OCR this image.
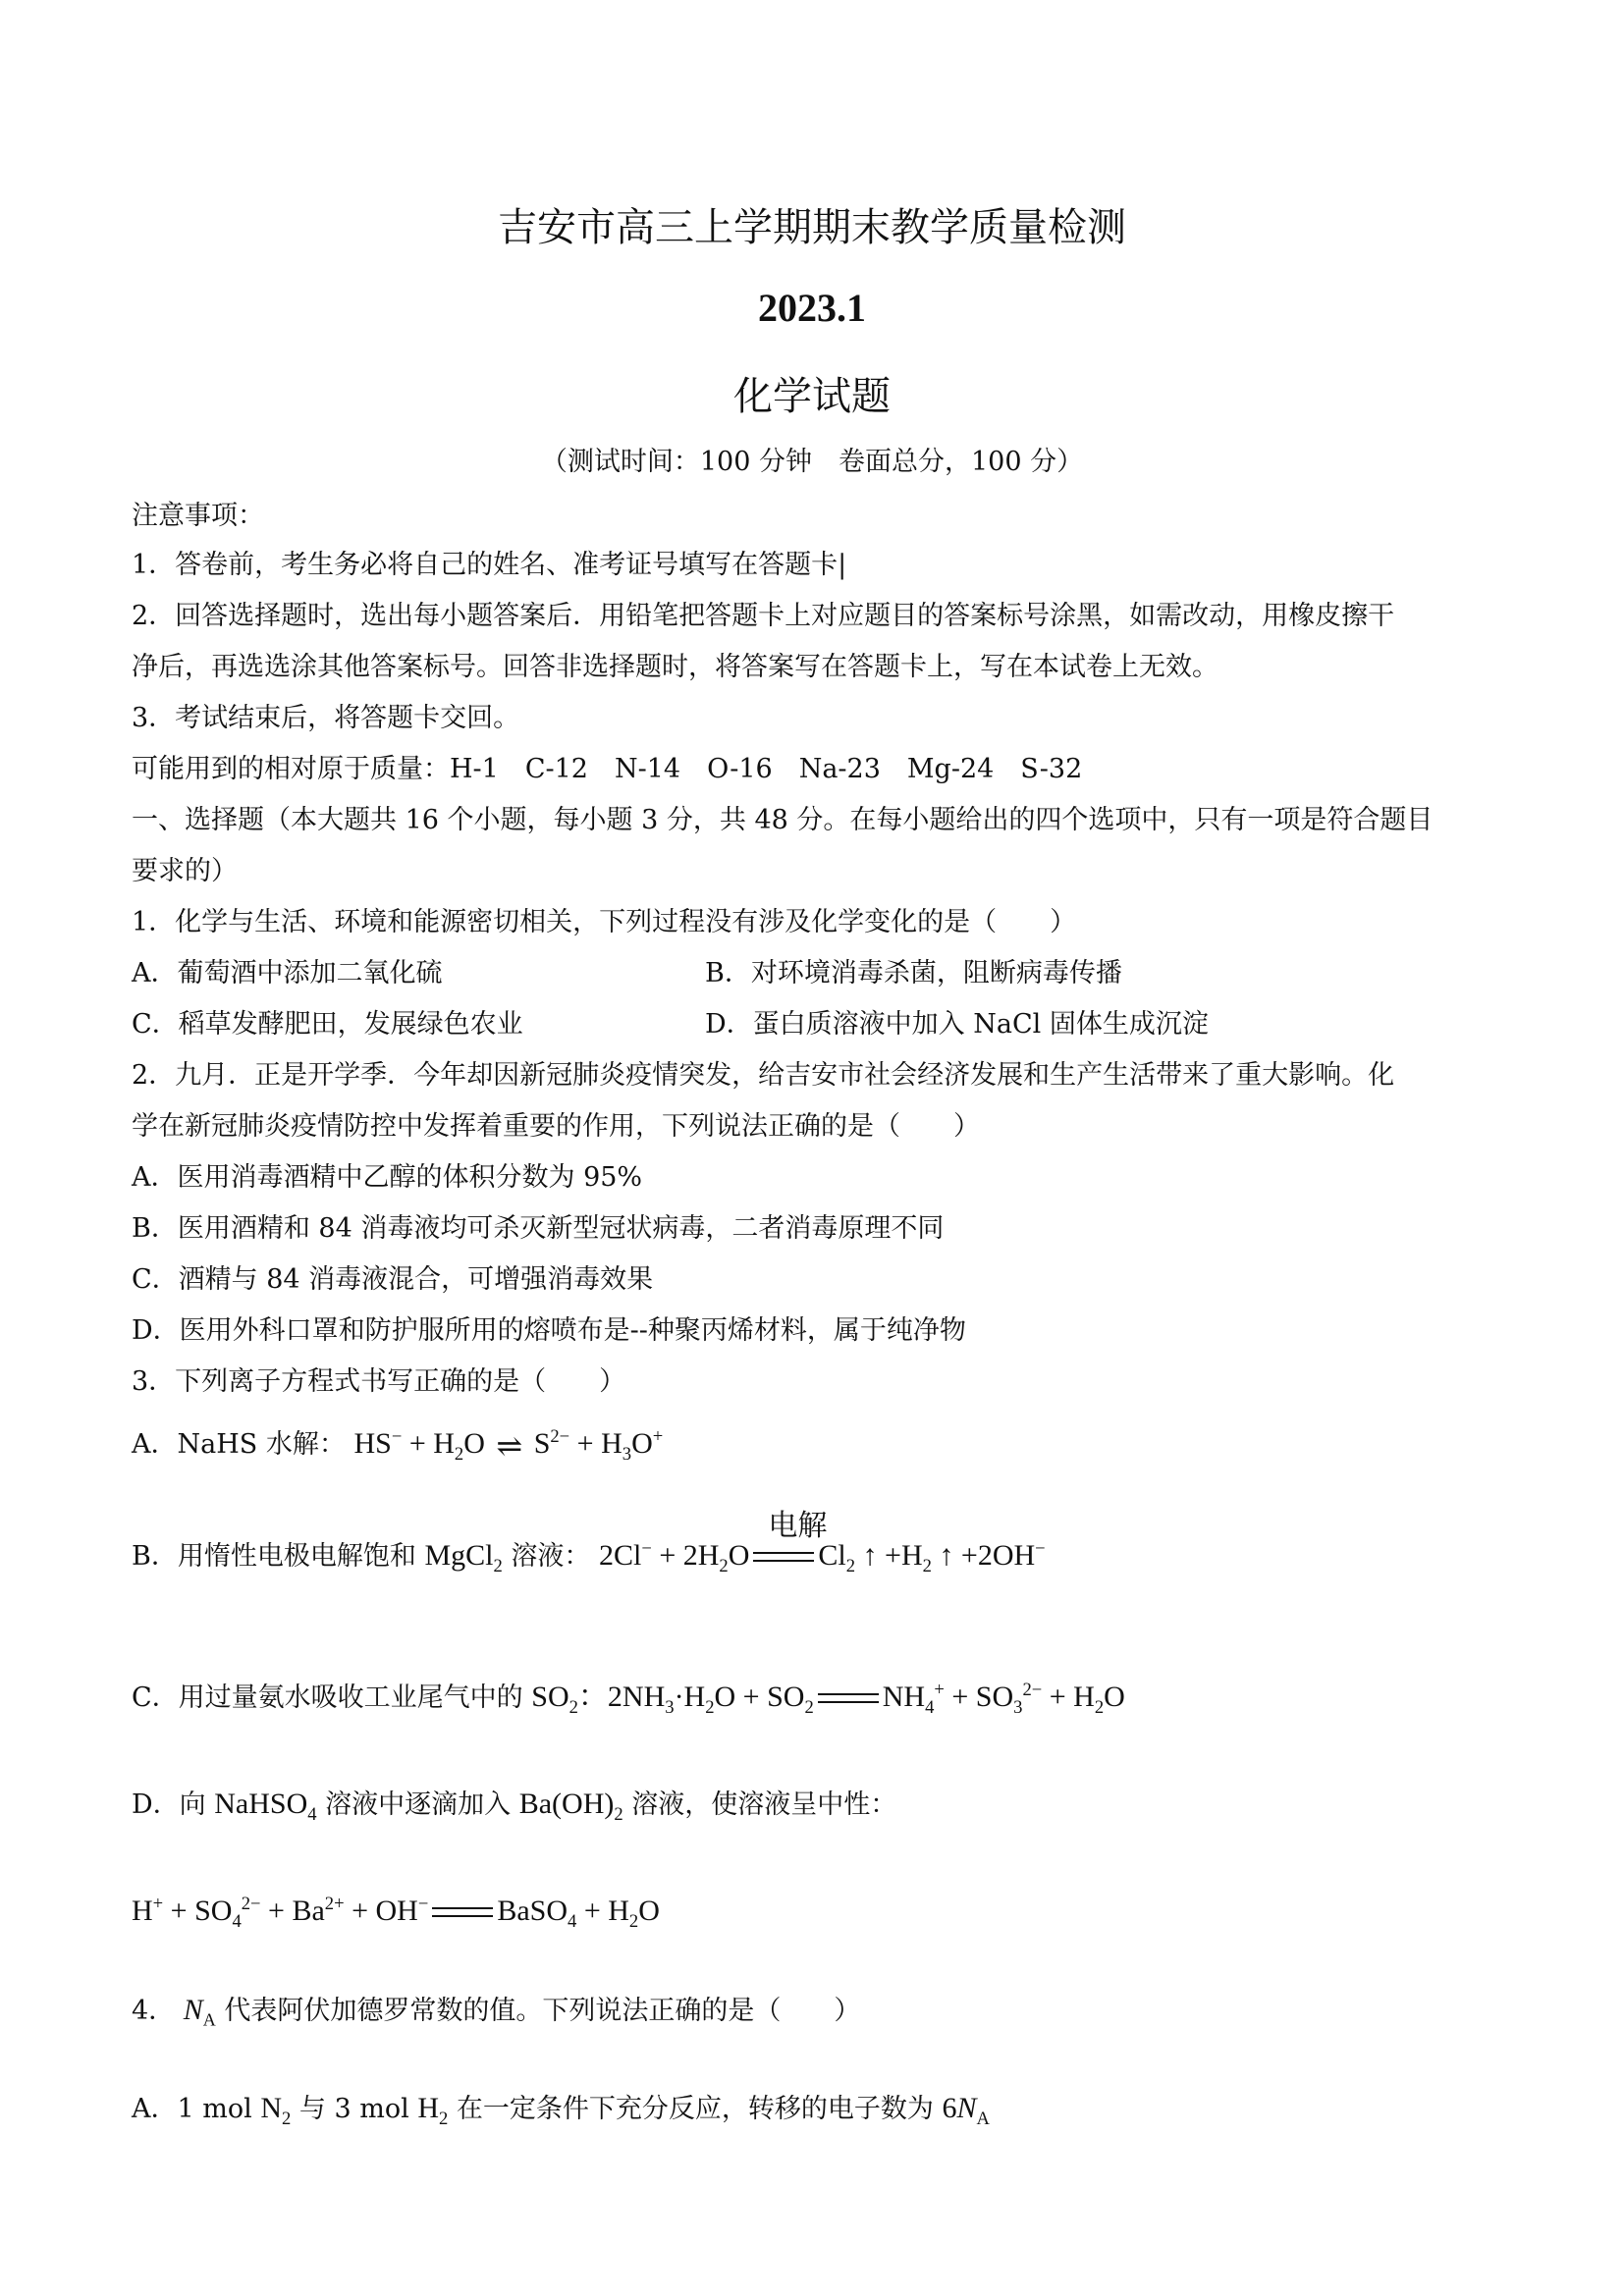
吉安市高三上学期期末教学质量检测
2023.1
化学试题
（测试时间：100 分钟　卷面总分，100 分）
注意事项：
1．答卷前，考生务必将自己的姓名、准考证号填写在答题卡|
2．回答选择题时，选出每小题答案后．用铅笔把答题卡上对应题目的答案标号涂黑，如需改动，用橡皮擦干
净后，再选选涂其他答案标号。回答非选择题时，将答案写在答题卡上，写在本试卷上无效。
3．考试结束后，将答题卡交回。
可能用到的相对原于质量：H-1　C-12　N-14　O-16　Na-23　Mg-24　S-32
一、选择题（本大题共 16 个小题，每小题 3 分，共 48 分。在每小题给出的四个选项中，只有一项是符合题目
要求的）
1．化学与生活、环境和能源密切相关，下列过程没有涉及化学变化的是（　　）
A．葡萄酒中添加二氧化硫	B．对环境消毒杀菌，阻断病毒传播
C．稻草发酵肥田，发展绿色农业	D．蛋白质溶液中加入 NaCl 固体生成沉淀
2．九月．正是开学季．今年却因新冠肺炎疫情突发，给吉安市社会经济发展和生产生活带来了重大影响。化
学在新冠肺炎疫情防控中发挥着重要的作用，下列说法正确的是（　　）
A．医用消毒酒精中乙醇的体积分数为 95%
B．医用酒精和 84 消毒液均可杀灭新型冠状病毒，二者消毒原理不同
C．酒精与 84 消毒液混合，可增强消毒效果
D．医用外科口罩和防护服所用的熔喷布是--种聚丙烯材料，属于纯净物
3．下列离子方程式书写正确的是（　　）
A．NaHS 水解： $HS^- + H_2O$ ⇌ $S^{2-} + H_3O^+$
B．用惰性电极电解饱和 MgCl$_2$ 溶液： $2Cl^- + 2H_2O$
电解
$Cl_2$ ↑ $+H_2$ ↑ +2OH−
C．用过量氨水吸收工业尾气中的 $SO_2$：$2NH_3\cdot H_2O + SO_2$ $NH_4^+ + SO_3^{2-} + H_2O$
D．向 NaHSO$_4$ 溶液中逐滴加入 $Ba(OH)_2$ 溶液，使溶液呈中性：
$H^+ + SO_4^{2-} + Ba^{2+} + OH^-$ BaSO$_4$ + $H_2O$
4． $N_A$ 代表阿伏加德罗常数的值。下列说法正确的是（　　）
A．1 mol $N_2$ 与 3 mol $H_2$ 在一定条件下充分反应，转移的电子数为 $6N_A$
